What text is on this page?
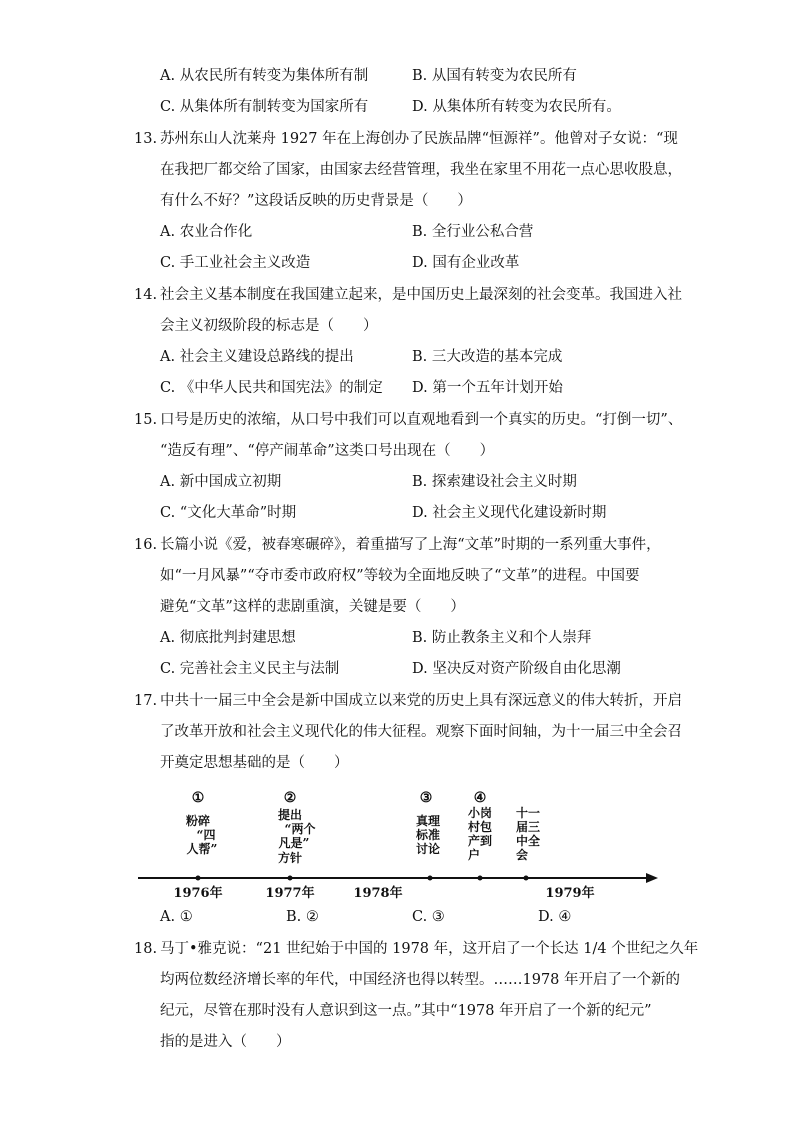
A. 从农民所有转变为集体所有制	B. 从国有转变为农民所有
C. 从集体所有制转变为国家所有	D. 从集体所有转变为农民所有。
13. 苏州东山人沈莱舟 1927 年在上海创办了民族品牌“恒源祥”。他曾对子女说：“现
在我把厂都交给了国家，由国家去经营管理，我坐在家里不用花一点心思收股息，
有什么不好？”这段话反映的历史背景是（　　）
A. 农业合作化	B. 全行业公私合营
C. 手工业社会主义改造	D. 国有企业改革
14. 社会主义基本制度在我国建立起来，是中国历史上最深刻的社会变革。我国进入社
会主义初级阶段的标志是（　　）
A. 社会主义建设总路线的提出	B. 三大改造的基本完成
C. 《中华人民共和国宪法》的制定 D. 第一个五年计划开始
15. 口号是历史的浓缩，从口号中我们可以直观地看到一个真实的历史。“打倒一切”、
“造反有理”、“停产闹革命”这类口号出现在（　　）
A. 新中国成立初期	B. 探索建设社会主义时期
C. “文化大革命”时期	D. 社会主义现代化建设新时期
16. 长篇小说《爱，被春寒碾碎》，着重描写了上海“文革”时期的一系列重大事件，
如“一月风暴”“夺市委市政府权”等较为全面地反映了“文革”的进程。中国要
避免“文革”这样的悲剧重演，关键是要（　　）
A. 彻底批判封建思想	B. 防止教条主义和个人崇拜
C. 完善社会主义民主与法制	D. 坚决反对资产阶级自由化思潮
17. 中共十一届三中全会是新中国成立以来党的历史上具有深远意义的伟大转折，开启
了改革开放和社会主义现代化的伟大征程。观察下面时间轴，为十一届三中全会召
开奠定思想基础的是（　　）
①	②	③	④
粉碎
“四
人帮”
提出
“两个
凡是”
方针
真理
标准
讨论
小岗
村包
产到
户
十一
届三
中全
会
1976年	1977年	1978年	1979年
A. ①	B. ②	C. ③	D. ④
18. 马丁•雅克说：“21 世纪始于中国的 1978 年，这开启了一个长达 1/4 个世纪之久年
均两位数经济增长率的年代，中国经济也得以转型。……1978 年开启了一个新的
纪元，尽管在那时没有人意识到这一点。”其中“1978 年开启了一个新的纪元”
指的是进入（　　）
